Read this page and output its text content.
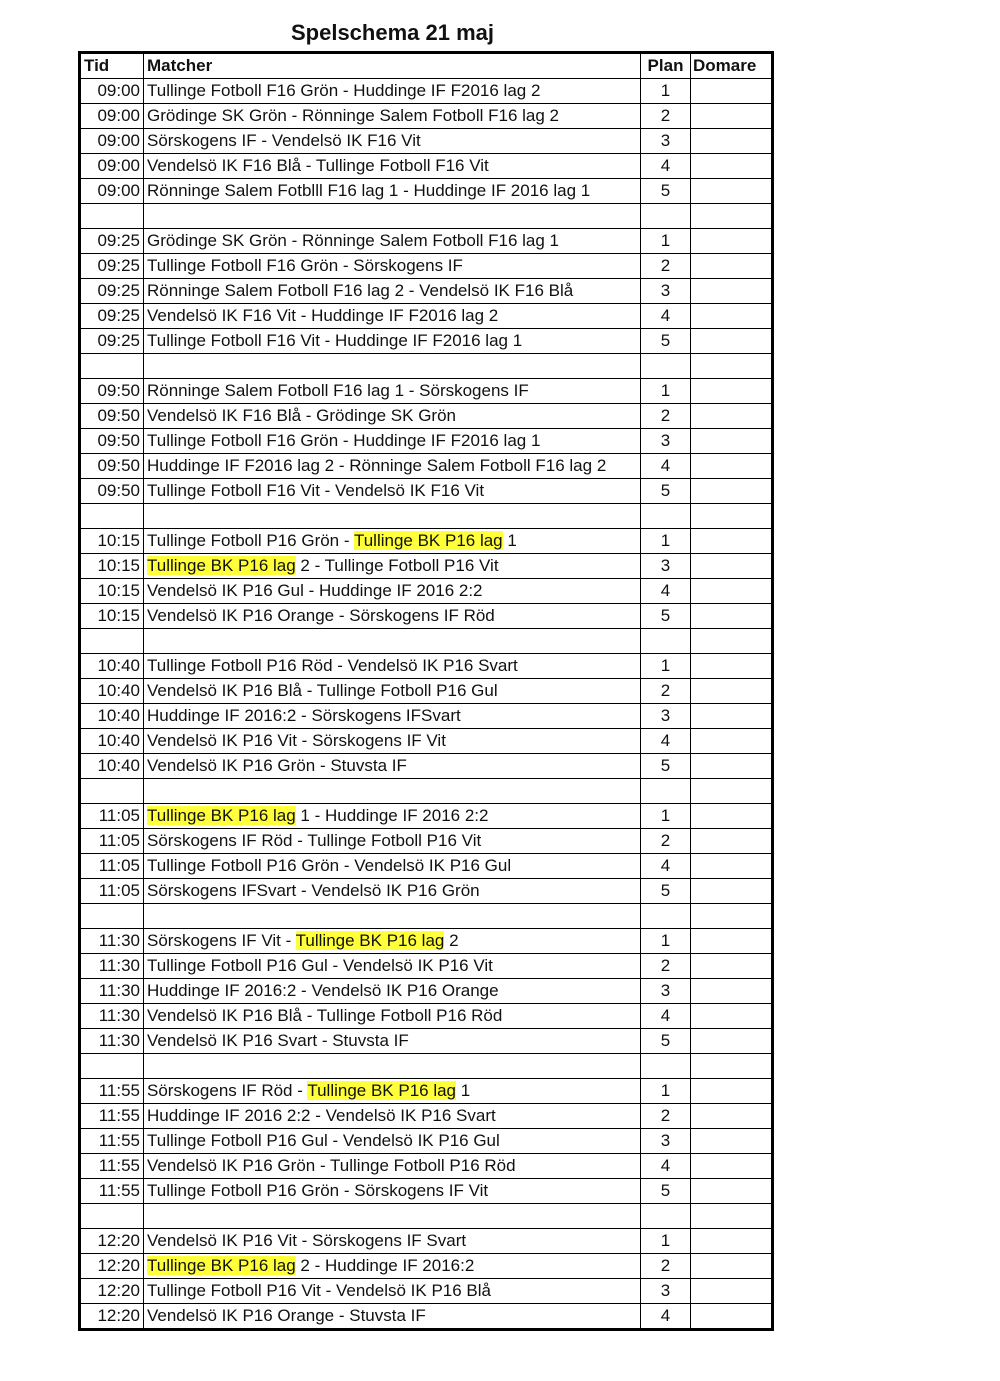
Spelschema 21 maj
Tid	Matcher	Plan	Domare
09:00	Tullinge Fotboll F16 Grön - Huddinge IF F2016 lag 2	1	
09:00	Grödinge SK Grön - Rönninge Salem Fotboll F16 lag 2	2	
09:00	Sörskogens IF - Vendelsö IK F16 Vit	3	
09:00	Vendelsö IK F16 Blå - Tullinge Fotboll F16 Vit	4	
09:00	Rönninge Salem Fotblll F16 lag 1 - Huddinge IF 2016 lag 1	5	

09:25	Grödinge SK Grön - Rönninge Salem Fotboll F16 lag 1	1	
09:25	Tullinge Fotboll F16 Grön - Sörskogens IF	2	
09:25	Rönninge Salem Fotboll F16 lag 2 - Vendelsö IK F16 Blå	3	
09:25	Vendelsö IK F16 Vit - Huddinge IF F2016 lag 2	4	
09:25	Tullinge Fotboll F16 Vit - Huddinge IF F2016 lag 1	5	

09:50	Rönninge Salem Fotboll F16 lag 1 - Sörskogens IF	1	
09:50	Vendelsö IK F16 Blå - Grödinge SK Grön	2	
09:50	Tullinge Fotboll F16 Grön - Huddinge IF F2016 lag 1	3	
09:50	Huddinge IF F2016 lag 2 - Rönninge Salem Fotboll F16 lag 2	4	
09:50	Tullinge Fotboll F16 Vit - Vendelsö IK F16 Vit	5	

10:15	Tullinge Fotboll P16 Grön - Tullinge BK P16 lag 1	1	
10:15	Tullinge BK P16 lag 2 - Tullinge Fotboll P16 Vit	3	
10:15	Vendelsö IK P16 Gul - Huddinge IF 2016 2:2	4	
10:15	Vendelsö IK P16 Orange - Sörskogens IF Röd	5	

10:40	Tullinge Fotboll P16 Röd - Vendelsö IK P16 Svart	1	
10:40	Vendelsö IK P16 Blå - Tullinge Fotboll P16 Gul	2	
10:40	Huddinge IF 2016:2 - Sörskogens IFSvart	3	
10:40	Vendelsö IK P16 Vit - Sörskogens IF Vit	4	
10:40	Vendelsö IK P16 Grön - Stuvsta IF	5	

11:05	Tullinge BK P16 lag 1 - Huddinge IF 2016 2:2	1	
11:05	Sörskogens IF Röd - Tullinge Fotboll P16 Vit	2	
11:05	Tullinge Fotboll P16 Grön - Vendelsö IK P16 Gul	4	
11:05	Sörskogens IFSvart - Vendelsö IK P16 Grön	5	

11:30	Sörskogens IF Vit - Tullinge BK P16 lag 2	1	
11:30	Tullinge Fotboll P16 Gul - Vendelsö IK P16 Vit	2	
11:30	Huddinge IF 2016:2 - Vendelsö IK P16 Orange	3	
11:30	Vendelsö IK P16 Blå - Tullinge Fotboll P16 Röd	4	
11:30	Vendelsö IK P16 Svart - Stuvsta IF	5	

11:55	Sörskogens IF Röd - Tullinge BK P16 lag 1	1	
11:55	Huddinge IF 2016 2:2 - Vendelsö IK P16 Svart	2	
11:55	Tullinge Fotboll P16 Gul - Vendelsö IK P16 Gul	3	
11:55	Vendelsö IK P16 Grön - Tullinge Fotboll P16 Röd	4	
11:55	Tullinge Fotboll P16 Grön - Sörskogens IF Vit	5	

12:20	Vendelsö IK P16 Vit - Sörskogens IF Svart	1	
12:20	Tullinge BK P16 lag 2 - Huddinge IF 2016:2	2	
12:20	Tullinge Fotboll P16 Vit - Vendelsö IK P16 Blå	3	
12:20	Vendelsö IK P16 Orange - Stuvsta IF	4	
